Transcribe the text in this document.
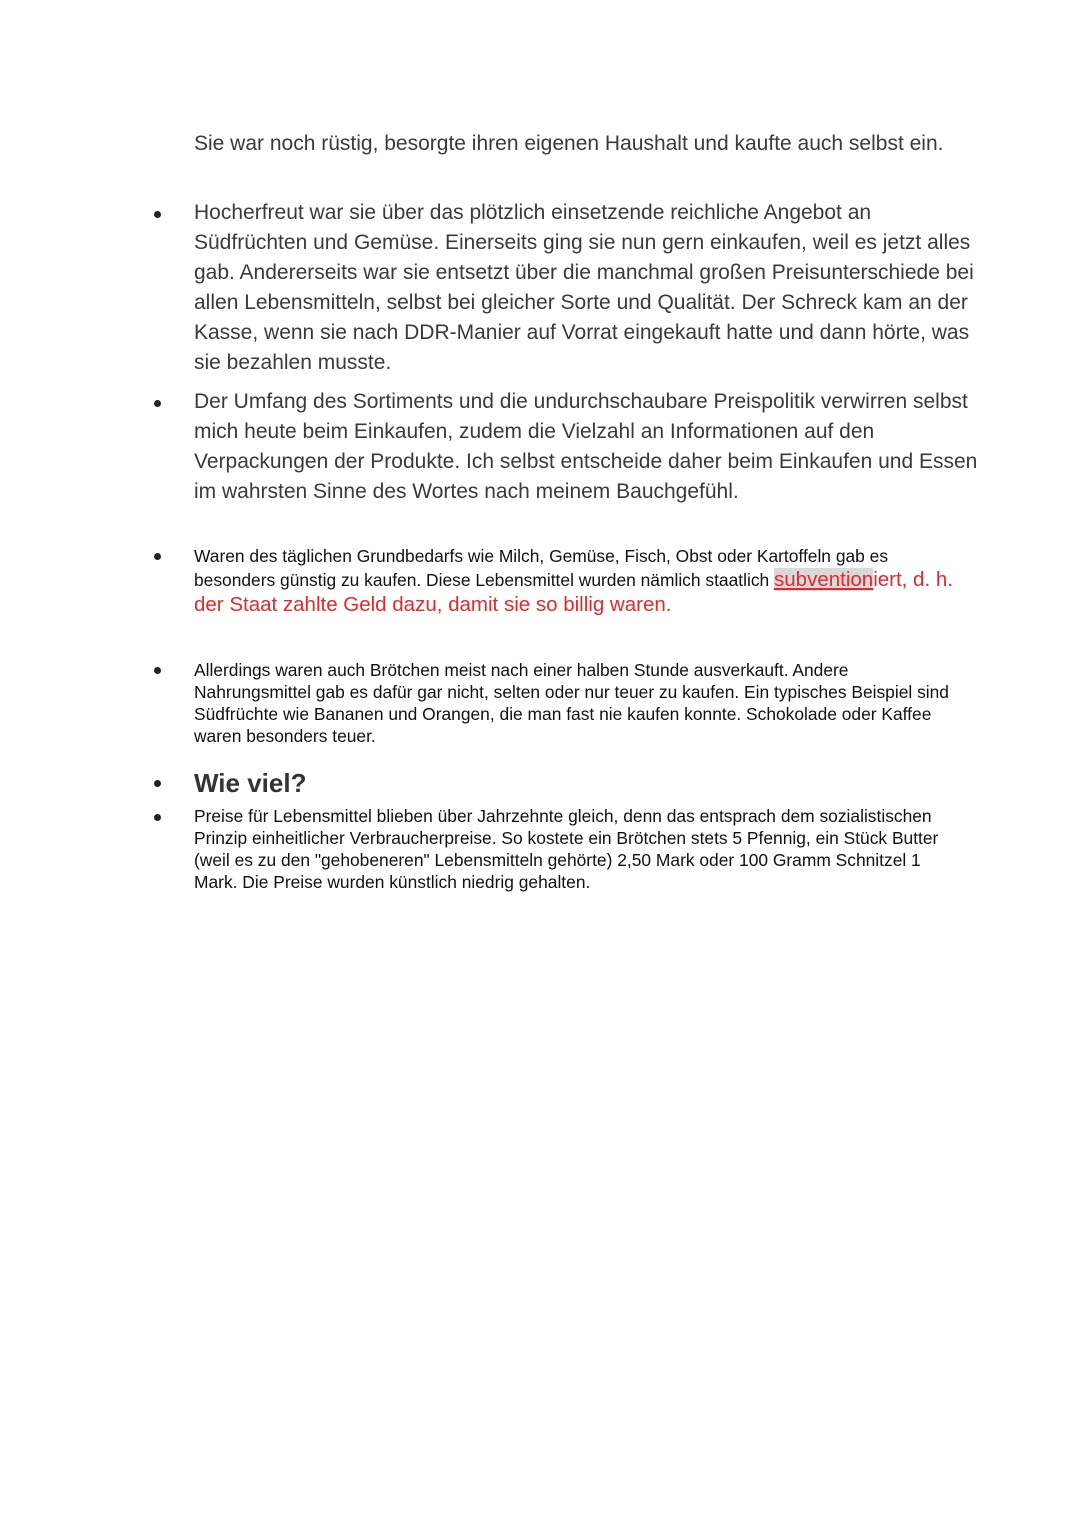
Sie war noch rüstig, besorgte ihren eigenen Haushalt und kaufte auch selbst ein.
Hocherfreut war sie über das plötzlich einsetzende reichliche Angebot an Südfrüchten und Gemüse. Einerseits ging sie nun gern einkaufen, weil es jetzt alles gab. Andererseits war sie entsetzt über die manchmal großen Preisunterschiede bei allen Lebensmitteln, selbst bei gleicher Sorte und Qualität. Der Schreck kam an der Kasse, wenn sie nach DDR-Manier auf Vorrat eingekauft hatte und dann hörte, was sie bezahlen musste.
Der Umfang des Sortiments und die undurchschaubare Preispolitik verwirren selbst mich heute beim Einkaufen, zudem die Vielzahl an Informationen auf den Verpackungen der Produkte. Ich selbst entscheide daher beim Einkaufen und Essen im wahrsten Sinne des Wortes nach meinem Bauchgefühl.
Waren des täglichen Grundbedarfs wie Milch, Gemüse, Fisch, Obst oder Kartoffeln gab es besonders günstig zu kaufen. Diese Lebensmittel wurden nämlich staatlich subventioniert, d. h. der Staat zahlte Geld dazu, damit sie so billig waren.
Allerdings waren auch Brötchen meist nach einer halben Stunde ausverkauft. Andere Nahrungsmittel gab es dafür gar nicht, selten oder nur teuer zu kaufen. Ein typisches Beispiel sind Südfrüchte wie Bananen und Orangen, die man fast nie kaufen konnte. Schokolade oder Kaffee waren besonders teuer.
Wie viel?
Preise für Lebensmittel blieben über Jahrzehnte gleich, denn das entsprach dem sozialistischen Prinzip einheitlicher Verbraucherpreise. So kostete ein Brötchen stets 5 Pfennig, ein Stück Butter (weil es zu den "gehobeneren" Lebensmitteln gehörte) 2,50 Mark oder 100 Gramm Schnitzel 1 Mark. Die Preise wurden künstlich niedrig gehalten.
